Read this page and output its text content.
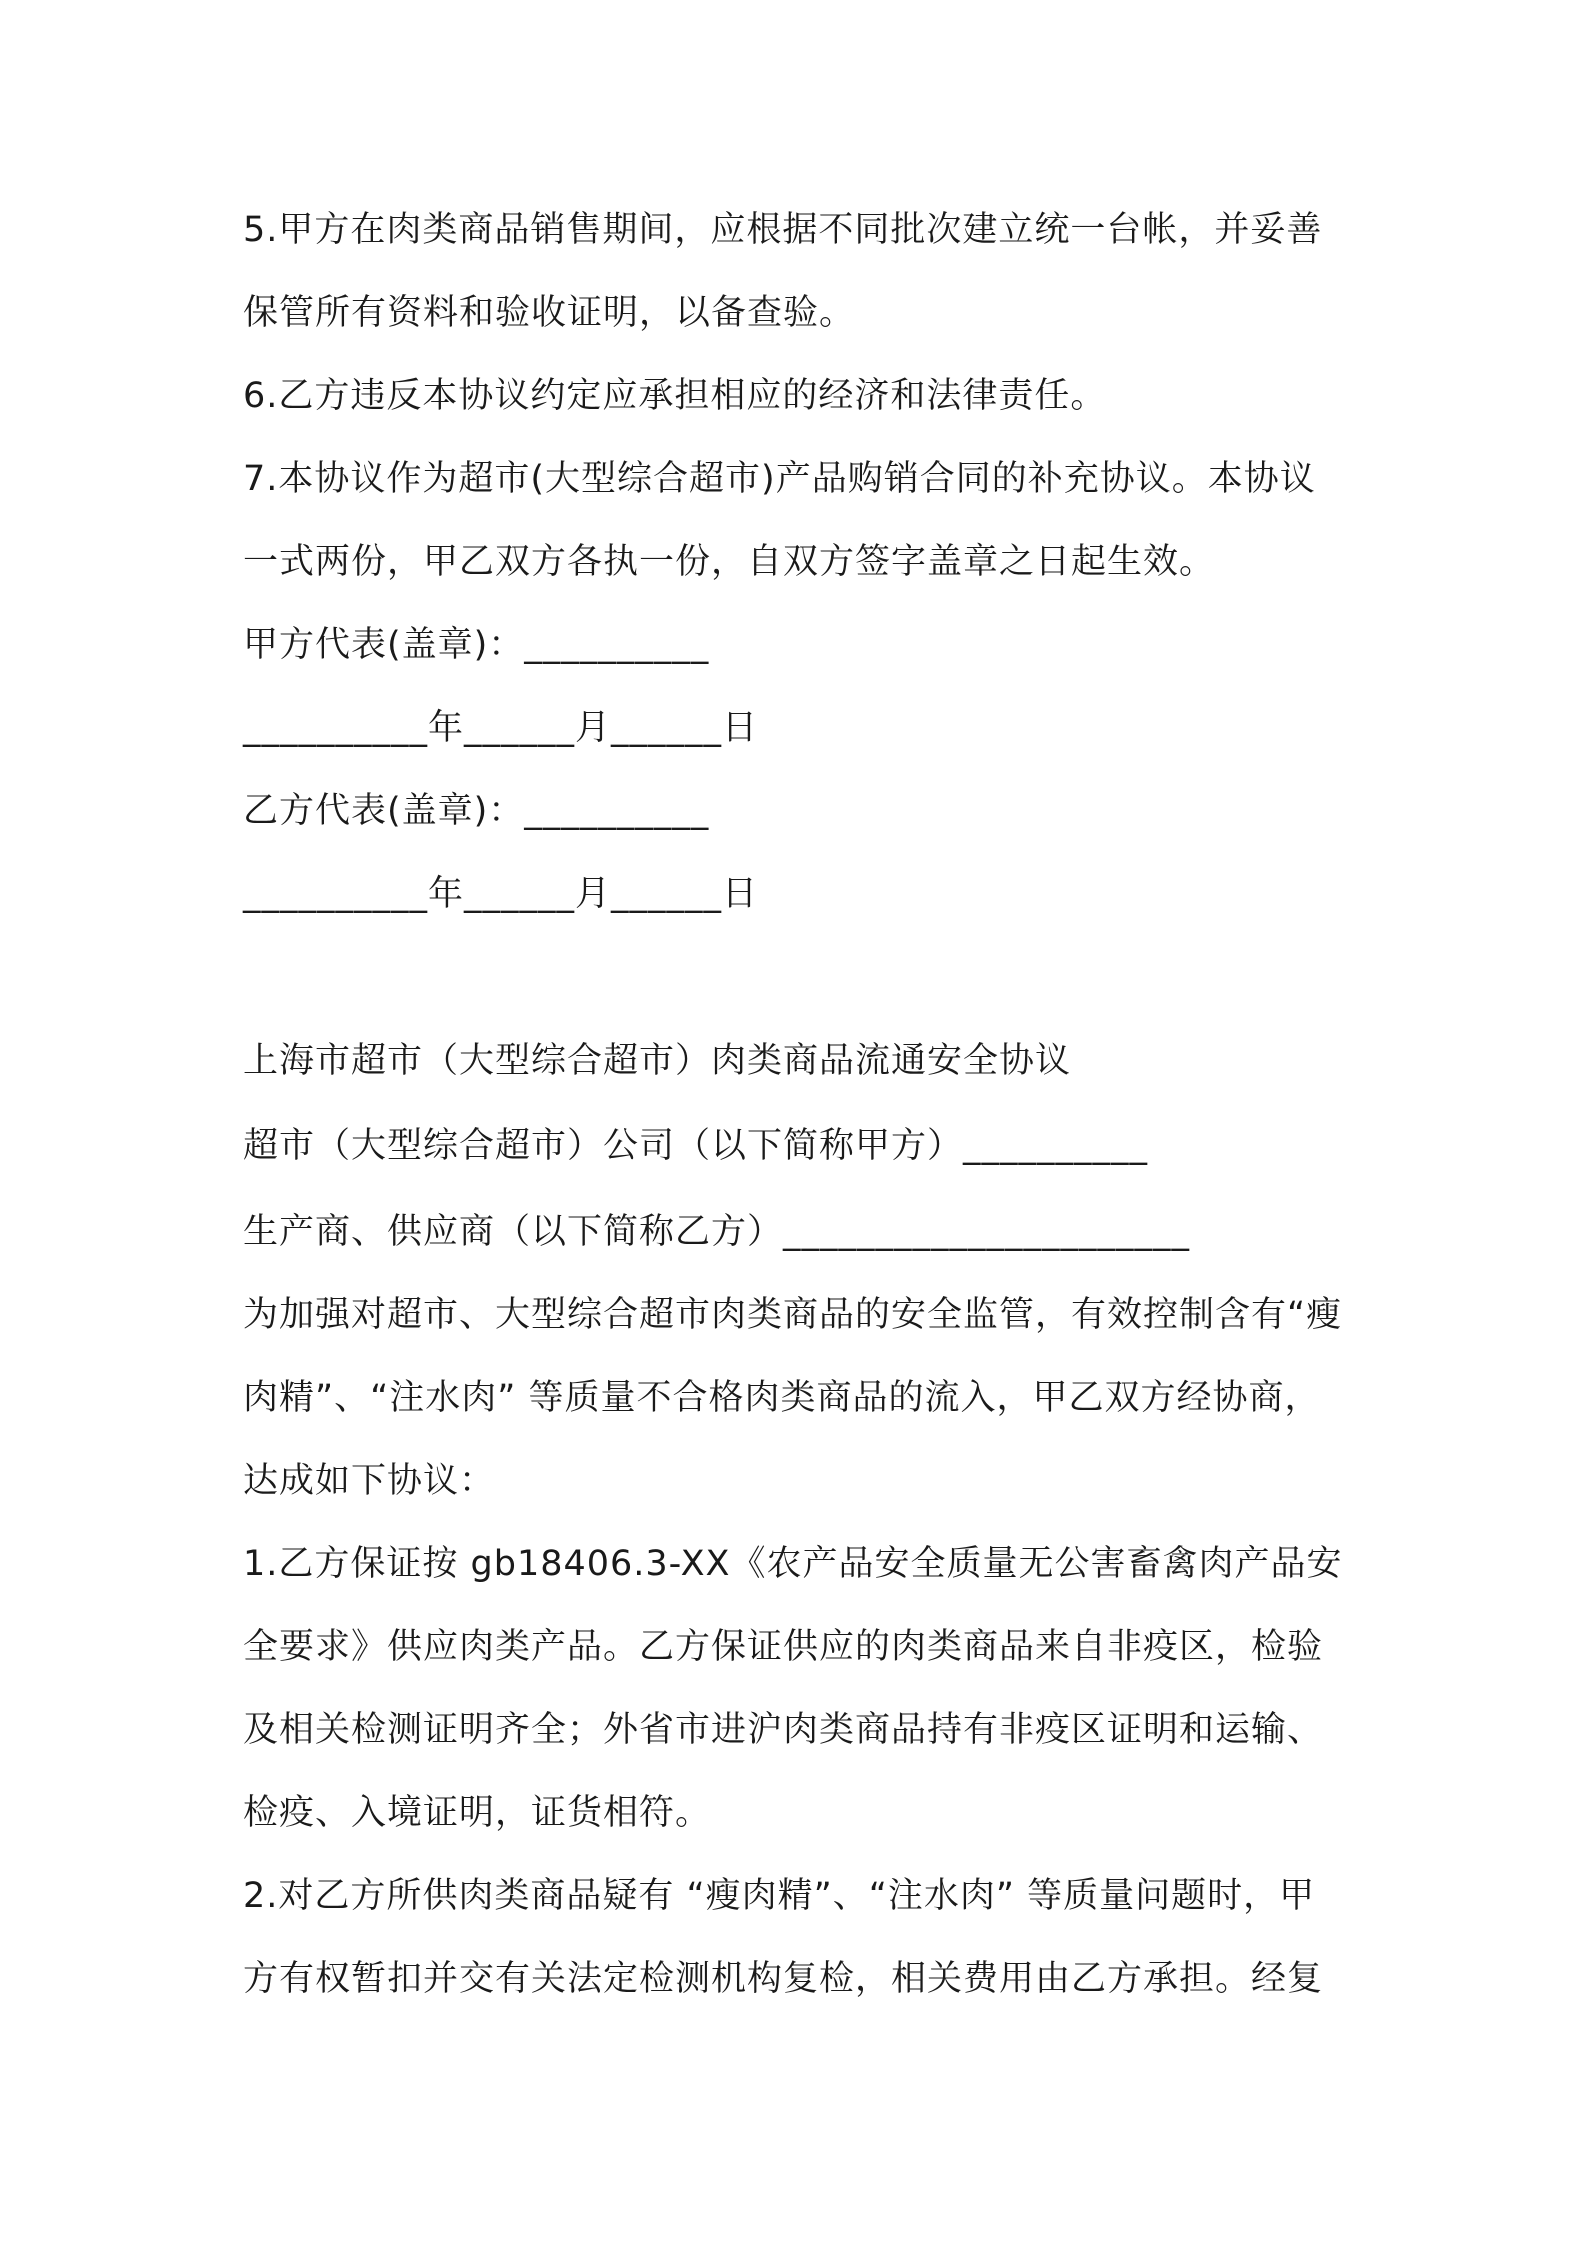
5.甲方在肉类商品销售期间，应根据不同批次建立统一台帐，并妥善
保管所有资料和验收证明，以备查验。
6.乙方违反本协议约定应承担相应的经济和法律责任。
7.本协议作为超市(大型综合超市)产品购销合同的补充协议。本协议
一式两份，甲乙双方各执一份，自双方签字盖章之日起生效。
甲方代表(盖章)：__________
__________年______月______日
乙方代表(盖章)：__________
__________年______月______日
上海市超市（大型综合超市）肉类商品流通安全协议
超市（大型综合超市）公司（以下简称甲方）__________
生产商、供应商（以下简称乙方）______________________
为加强对超市、大型综合超市肉类商品的安全监管，有效控制含有“瘦
肉精”、“注水肉” 等质量不合格肉类商品的流入，甲乙双方经协商，
达成如下协议：
1.乙方保证按 gb18406.3-XX《农产品安全质量无公害畜禽肉产品安
全要求》供应肉类产品。乙方保证供应的肉类商品来自非疫区，检验
及相关检测证明齐全；外省市进沪肉类商品持有非疫区证明和运输、
检疫、入境证明，证货相符。
2.对乙方所供肉类商品疑有 “瘦肉精”、“注水肉” 等质量问题时，甲
方有权暂扣并交有关法定检测机构复检，相关费用由乙方承担。经复
